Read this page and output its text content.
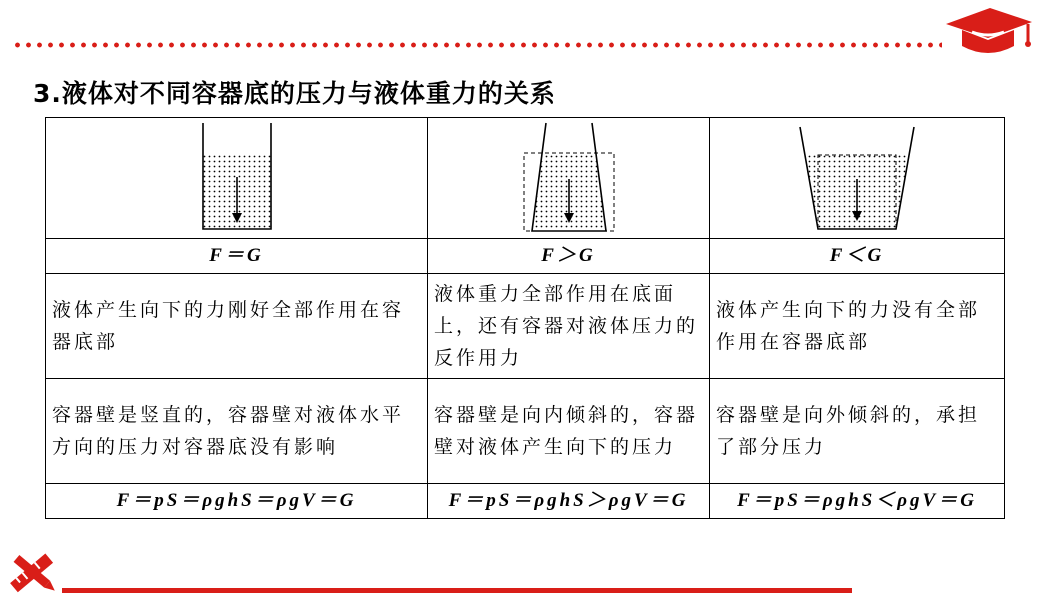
3.液体对不同容器底的压力与液体重力的关系

F＝G	F＞G	F＜G
液体产生向下的力刚好全部作用在容器底部	液体重力全部作用在底面上，还有容器对液体压力的反作用力	液体产生向下的力没有全部作用在容器底部
容器壁是竖直的，容器壁对液体水平方向的压力对容器底没有影响	容器壁是向内倾斜的，容器壁对液体产生向下的压力	容器壁是向外倾斜的，承担了部分压力
F＝pS＝ρghS＝ρgV＝G	F＝pS＝ρghS＞ρgV＝G	F＝pS＝ρghS＜ρgV＝G
